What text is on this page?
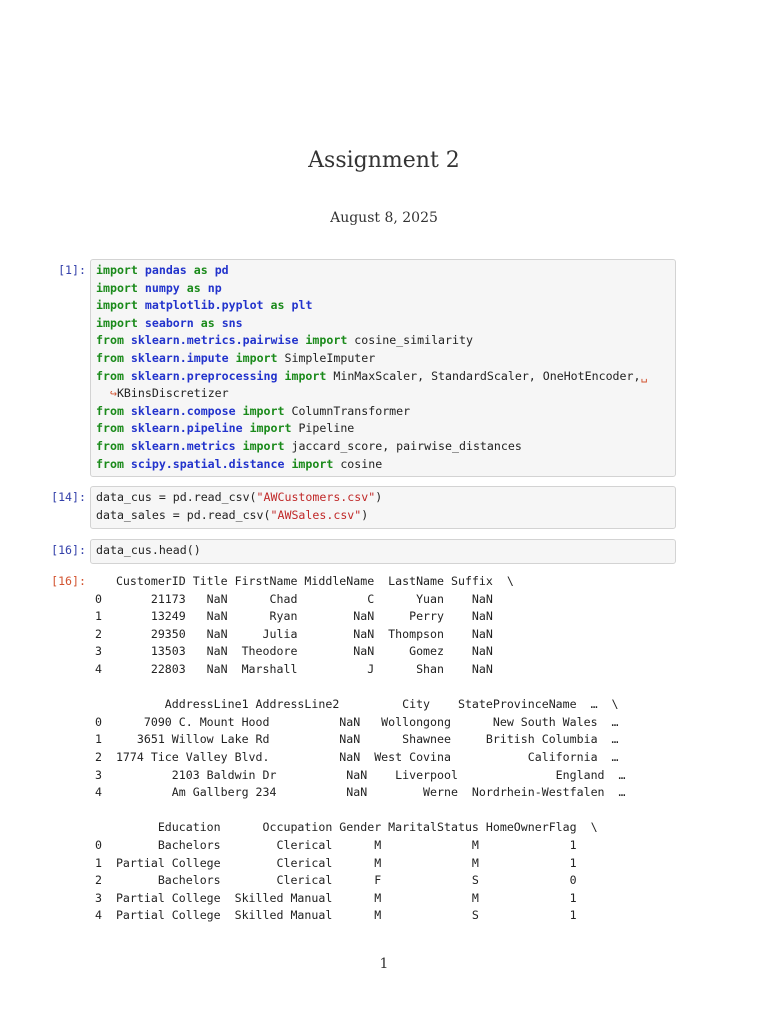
Assignment 2
August 8, 2025
[1]: import pandas as pd
import numpy as np
import matplotlib.pyplot as plt
import seaborn as sns
from sklearn.metrics.pairwise import cosine_similarity
from sklearn.impute import SimpleImputer
from sklearn.preprocessing import MinMaxScaler, StandardScaler, OneHotEncoder,␣
↪KBinsDiscretizer
from sklearn.compose import ColumnTransformer
from sklearn.pipeline import Pipeline
from sklearn.metrics import jaccard_score, pairwise_distances
from scipy.spatial.distance import cosine
[14]: data_cus = pd.read_csv("AWCustomers.csv")
data_sales = pd.read_csv("AWSales.csv")
[16]: data_cus.head()
[16]: CustomerID Title FirstName MiddleName  LastName Suffix  \
0       21173   NaN      Chad          C      Yuan    NaN
1       13249   NaN      Ryan        NaN     Perry    NaN
2       29350   NaN     Julia        NaN  Thompson    NaN
3       13503   NaN  Theodore        NaN     Gomez    NaN
4       22803   NaN  Marshall          J      Shan    NaN
AddressLine1 AddressLine2         City    StateProvinceName  …  \
0      7090 C. Mount Hood          NaN   Wollongong      New South Wales  …
1     3651 Willow Lake Rd          NaN      Shawnee     British Columbia  …
2  1774 Tice Valley Blvd.          NaN  West Covina           California  …
3          2103 Baldwin Dr          NaN    Liverpool              England  …
4          Am Gallberg 234          NaN        Werne  Nordrhein-Westfalen  …
Education      Occupation Gender MaritalStatus HomeOwnerFlag  \
0        Bachelors        Clerical      M             M             1
1  Partial College        Clerical      M             M             1
2        Bachelors        Clerical      F             S             0
3  Partial College  Skilled Manual      M             M             1
4  Partial College  Skilled Manual      M             S             1
1
